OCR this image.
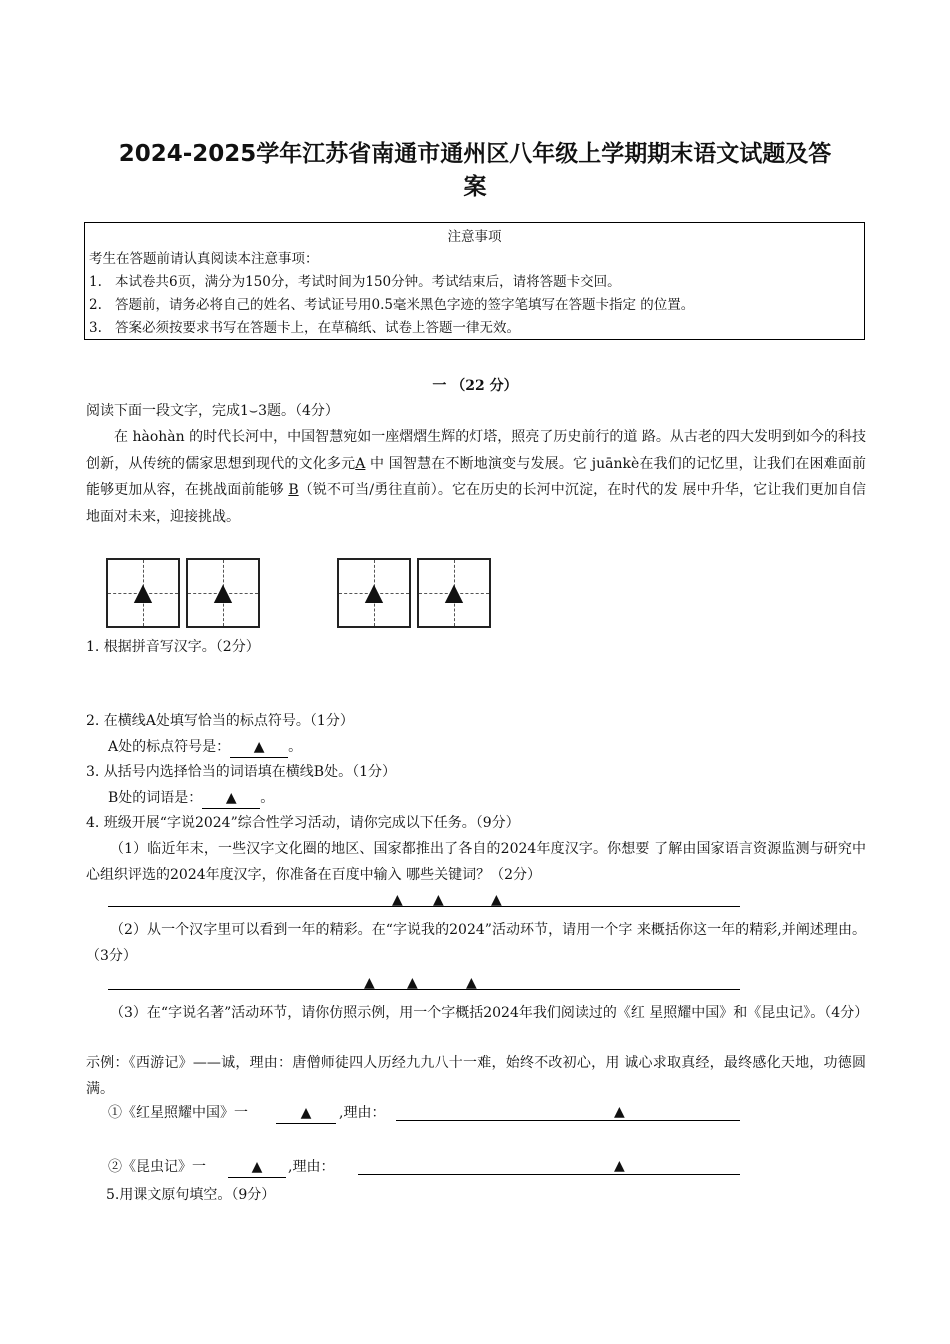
2024-2025学年江苏省南通市通州区八年级上学期期末语文试题及答
案
注意事项
考生在答题前请认真阅读本注意事项：
1. 本试卷共6页，满分为150分，考试时间为150分钟。考试结束后，请将答题卡交回。
2. 答题前，请务必将自己的姓名、考试证号用0.5毫米黑色字迹的签字笔填写在答题卡指定 的位置。
3. 答案必须按要求书写在答题卡上，在草稿纸、试卷上答题一律无效。
一 （22 分）
阅读下面一段文字，完成1⌣3题。（4分）

在 hàohàn 的时代长河中，中国智慧宛如一座熠熠生辉的灯塔，照亮了历史前行的道 路。从古老的四大发明到如今的科技创新，从传统的儒家思想到现代的文化多元A 中 国智慧在不断地演变与发展。它 juānkè在我们的记忆里，让我们在困难面前能够更加从容，在挑战面前能够 B（锐不可当/勇往直前）。它在历史的长河中沉淀，在时代的发 展中升华，它让我们更加自信地面对未来，迎接挑战。

▲	▲	▲	▲
1. 根据拼音写汉字。（2分）
2. 在横线A处填写恰当的标点符号。（1分）
A处的标点符号是： ▲ 。
3. 从括号内选择恰当的词语填在横线B处。（1分）
B处的词语是： ▲ 。
4. 班级开展“字说2024”综合性学习活动，请你完成以下任务。（9分）
（1）临近年末，一些汉字文化圈的地区、国家都推出了各自的2024年度汉字。你想要 了解由国家语言资源监测与研究中心组织评选的2024年度汉字，你准备在百度中输入 哪些关键词？（2分）
▲ ▲	▲
（2）从一个汉字里可以看到一年的精彩。在“字说我的2024”活动环节，请用一个字 来概括你这一年的精彩,并阐述理由。（3分）
▲ ▲	▲
（3）在“字说名著”活动环节，请你仿照示例，用一个字概括2024年我们阅读过的《红 星照耀中国》和《昆虫记》。（4分）
示例：《西游记》——诚，理由：唐僧师徒四人历经九九八十一难，始终不改初心，用 诚心求取真经，最终感化天地，功德圆满。
①《红星照耀中国》一	▲	,理由：	▲
②《昆虫记》一	▲	,理由：	▲
5.用课文原句填空。（9分）
